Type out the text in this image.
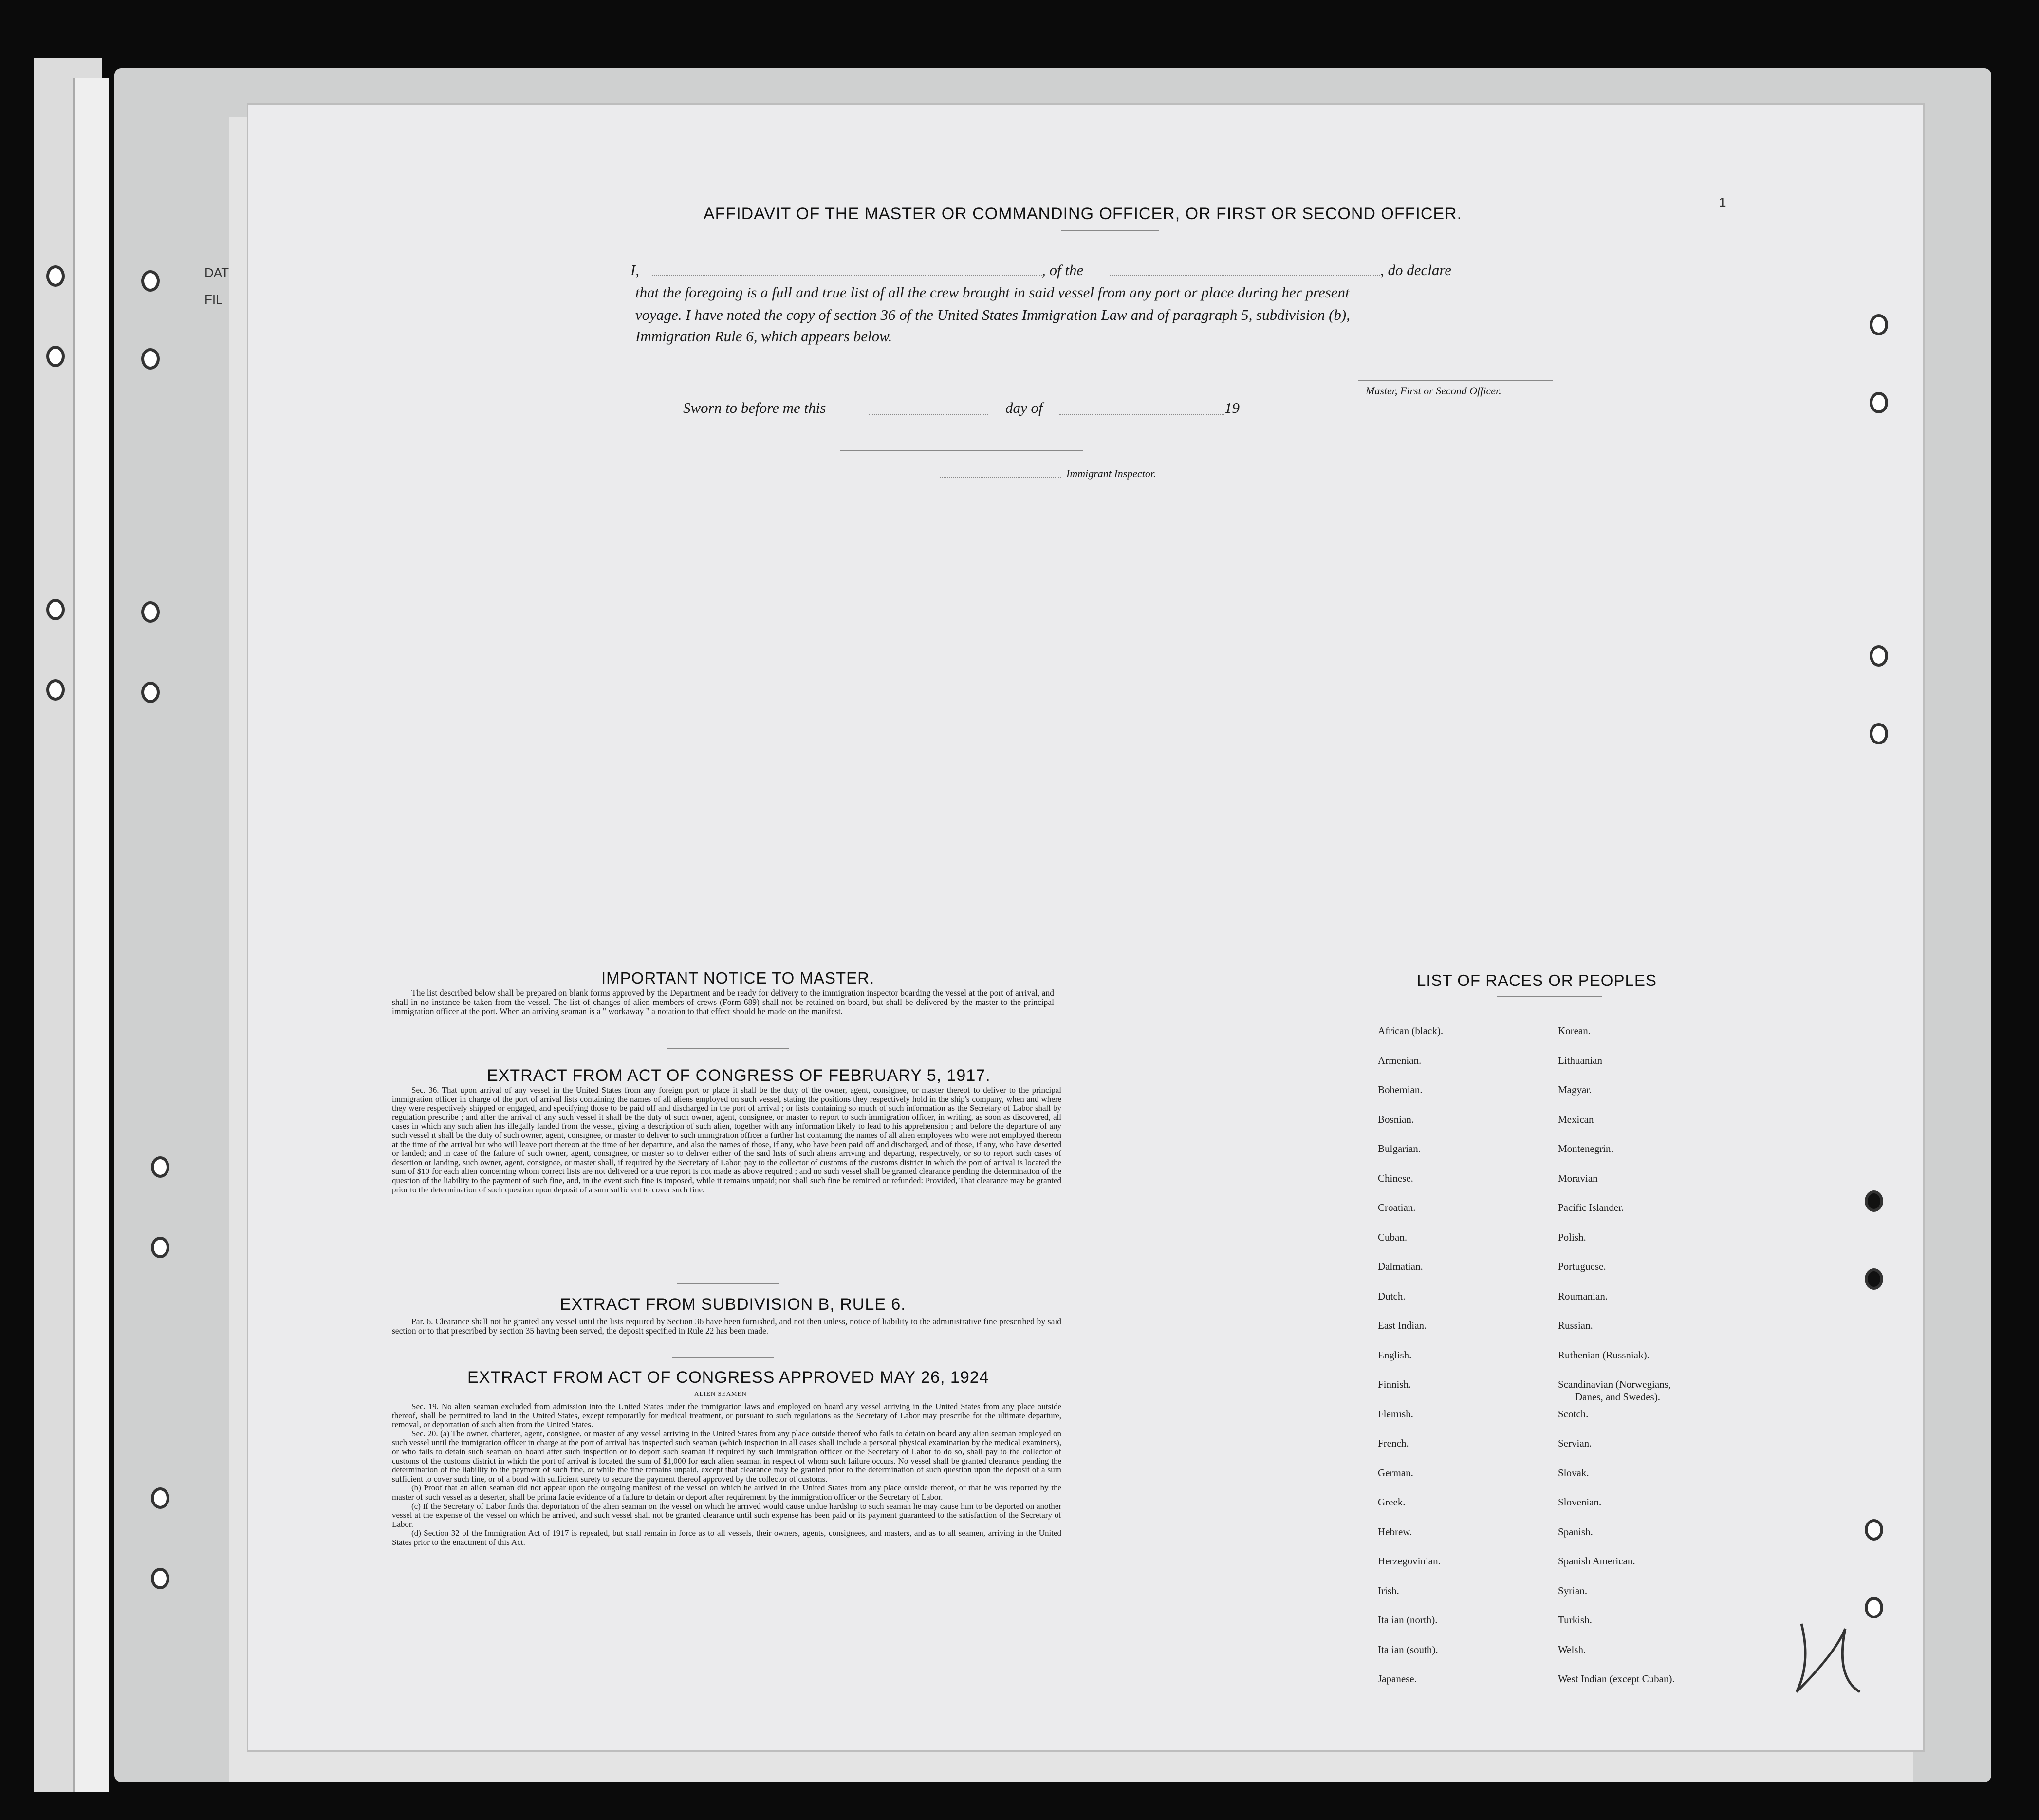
DAT
FIL
1
AFFIDAVIT OF THE MASTER OR COMMANDING OFFICER, OR FIRST OR SECOND OFFICER.
I,	, of the	, do declare
that the foregoing is a full and true list of all the crew brought in said vessel from any port or place during her present
voyage. I have noted the copy of section 36 of the United States Immigration Law and of paragraph 5, subdivision (b),
Immigration Rule 6, which appears below.
Master, First or Second Officer.
Sworn to before me this	day of	19
Immigrant Inspector.
IMPORTANT NOTICE TO MASTER.

The list described below shall be prepared on blank forms approved by the Department and be ready for delivery to the immigration inspector boarding the vessel at the port of arrival, and shall in no instance be taken from the vessel. The list of changes of alien members of crews (Form 689) shall not be retained on board, but shall be delivered by the master to the principal immigration officer at the port. When an arriving seaman is a " workaway " a notation to that effect should be made on the manifest.

EXTRACT FROM ACT OF CONGRESS OF FEBRUARY 5, 1917.

Sec. 36. That upon arrival of any vessel in the United States from any foreign port or place it shall be the duty of the owner, agent, consignee, or master thereof to deliver to the principal immigration officer in charge of the port of arrival lists containing the names of all aliens employed on such vessel, stating the positions they respectively hold in the ship's company, when and where they were respectively shipped or engaged, and specifying those to be paid off and discharged in the port of arrival ; or lists containing so much of such information as the Secretary of Labor shall by regulation prescribe ; and after the arrival of any such vessel it shall be the duty of such owner, agent, consignee, or master to report to such immigration officer, in writing, as soon as discovered, all cases in which any such alien has illegally landed from the vessel, giving a description of such alien, together with any information likely to lead to his apprehension ; and before the departure of any such vessel it shall be the duty of such owner, agent, consignee, or master to deliver to such immigration officer a further list containing the names of all alien employees who were not employed thereon at the time of the arrival but who will leave port thereon at the time of her departure, and also the names of those, if any, who have been paid off and discharged, and of those, if any, who have deserted or landed; and in case of the failure of such owner, agent, consignee, or master so to deliver either of the said lists of such aliens arriving and departing, respectively, or so to report such cases of desertion or landing, such owner, agent, consignee, or master shall, if required by the Secretary of Labor, pay to the collector of customs of the customs district in which the port of arrival is located the sum of $10 for each alien concerning whom correct lists are not delivered or a true report is not made as above required ; and no such vessel shall be granted clearance pending the determination of the question of the liability to the payment of such fine, and, in the event such fine is imposed, while it remains unpaid; nor shall such fine be remitted or refunded: Provided, That clearance may be granted prior to the determination of such question upon deposit of a sum sufficient to cover such fine.

EXTRACT FROM SUBDIVISION B, RULE 6.

Par. 6. Clearance shall not be granted any vessel until the lists required by Section 36 have been furnished, and not then unless, notice of liability to the administrative fine prescribed by said section or to that prescribed by section 35 having been served, the deposit specified in Rule 22 has been made.

EXTRACT FROM ACT OF CONGRESS APPROVED MAY 26, 1924
ALIEN SEAMEN

Sec. 19. No alien seaman excluded from admission into the United States under the immigration laws and employed on board any vessel arriving in the United States from any place outside thereof, shall be permitted to land in the United States, except temporarily for medical treatment, or pursuant to such regulations as the Secretary of Labor may prescribe for the ultimate departure, removal, or deportation of such alien from the United States.

Sec. 20. (a) The owner, charterer, agent, consignee, or master of any vessel arriving in the United States from any place outside thereof who fails to detain on board any alien seaman employed on such vessel until the immigration officer in charge at the port of arrival has inspected such seaman (which inspection in all cases shall include a personal physical examination by the medical examiners), or who fails to detain such seaman on board after such inspection or to deport such seaman if required by such immigration officer or the Secretary of Labor to do so, shall pay to the collector of customs of the customs district in which the port of arrival is located the sum of $1,000 for each alien seaman in respect of whom such failure occurs. No vessel shall be granted clearance pending the determination of the liability to the payment of such fine, or while the fine remains unpaid, except that clearance may be granted prior to the determination of such question upon the deposit of a sum sufficient to cover such fine, or of a bond with sufficient surety to secure the payment thereof approved by the collector of customs.

(b) Proof that an alien seaman did not appear upon the outgoing manifest of the vessel on which he arrived in the United States from any place outside thereof, or that he was reported by the master of such vessel as a deserter, shall be prima facie evidence of a failure to detain or deport after requirement by the immigration officer or the Secretary of Labor.

(c) If the Secretary of Labor finds that deportation of the alien seaman on the vessel on which he arrived would cause undue hardship to such seaman he may cause him to be deported on another vessel at the expense of the vessel on which he arrived, and such vessel shall not be granted clearance until such expense has been paid or its payment guaranteed to the satisfaction of the Secretary of Labor.

(d) Section 32 of the Immigration Act of 1917 is repealed, but shall remain in force as to all vessels, their owners, agents, consignees, and masters, and as to all seamen, arriving in the United States prior to the enactment of this Act.

LIST OF RACES OR PEOPLES
African (black).
Armenian.
Bohemian.
Bosnian.
Bulgarian.
Chinese.
Croatian.
Cuban.
Dalmatian.
Dutch.
East Indian.
English.
Finnish.
Flemish.
French.
German.
Greek.
Hebrew.
Herzegovinian.
Irish.
Italian (north).
Italian (south).
Japanese.
Korean.
Lithuanian
Magyar.
Mexican
Montenegrin.
Moravian
Pacific Islander.
Polish.
Portuguese.
Roumanian.
Russian.
Ruthenian (Russniak).
Scandinavian (Norwegians,
Danes, and Swedes).
Scotch.
Servian.
Slovak.
Slovenian.
Spanish.
Spanish American.
Syrian.
Turkish.
Welsh.
West Indian (except Cuban).
